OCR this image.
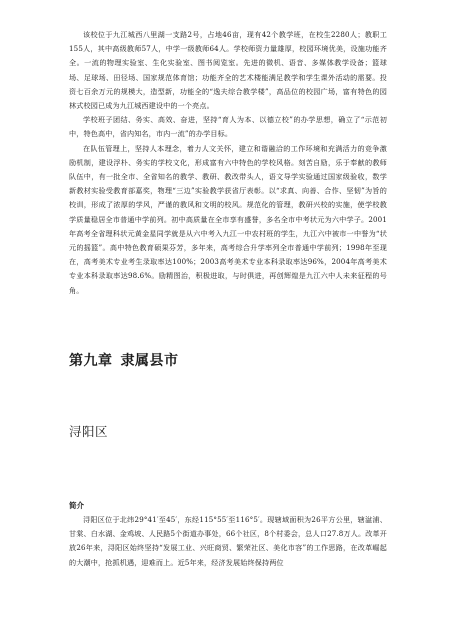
该校位于九江城西八里湖一支路2号，占地46亩，现有42个教学班，在校生2280人；教职工155人，其中高级教师57人，中学一级教师64人。学校师资力量雄厚，校园环境优美，设施功能齐全。一流的物理实验室、生化实验室、图书阅览室。先进的微机、语音、多媒体教学设备；篮球场、足球场、田径场、国家规范体育馆；功能齐全的艺术楼能满足教学和学生课外活动的需要。投资七百余万元的规模大，造型新，功能全的“逸夫综合教学楼”，高品位的校园广场，富有特色的园林式校园已成为九江城西建设中的一个亮点。

学校班子团结、务实、高效、奋进，坚持“育人为本、以德立校”的办学思想，确立了“示范初中，特色高中，省内知名，市内一流”的办学目标。

在队伍管理上，坚持人本理念，着力人文关怀，建立和谐融洽的工作环境和充满活力的竞争激励机制，建设浮朴、务实的学校文化，形成富有六中特色的学校风格。刻苦自励，乐于奉献的教师队伍中，有一批全市、全省知名的教学、教研、教改带头人，语文导学实验通过国家级验收，数学新教材实验受教育部嘉奖，物理“三边”实验教学获省厅表彰。以“求真、向善、合作、坚韧”为旨的校训，形成了浓厚的学风，严谨的教风和文明的校风。规范化的管理，教研兴校的实施，使学校教学质量稳居全市普通中学前列。初中高质量在全市享有盛誉，多名全市中考状元为六中学子。2001年高考全省理科状元黄金星同学就是从六中考入九江一中农村班的学生，九江六中被市一中誉为“状元的摇篮”。高中特色教育硕果芬芳，多年来，高考综合升学率列全市普通中学前列；1998年至现在，高考美术专业考生录取率达100%；2003高考美术专业本科录取率达96%，2004年高考美术专业本科录取率达98.6%。励精图治，积极进取，与时俱进，再创辉煌是九江六中人未来征程的号角。

第九章 隶属县市
浔阳区
简介

浔阳区位于北纬29°41′至45′，东经115°55′至116°5′。现辖域面积为26平方公里，辖湓浦、甘棠、白水湖、金鸡坡、人民路5个街道办事处，66个社区，8个村委会，总人口27.8万人。改革开放26年来，浔阳区始终坚持“发展工业、兴旺商贸、繁荣社区、美化市容”的工作思路，在改革崛起的大潮中，抢抓机遇，迎难而上。近5年来，经济发展始终保持两位
